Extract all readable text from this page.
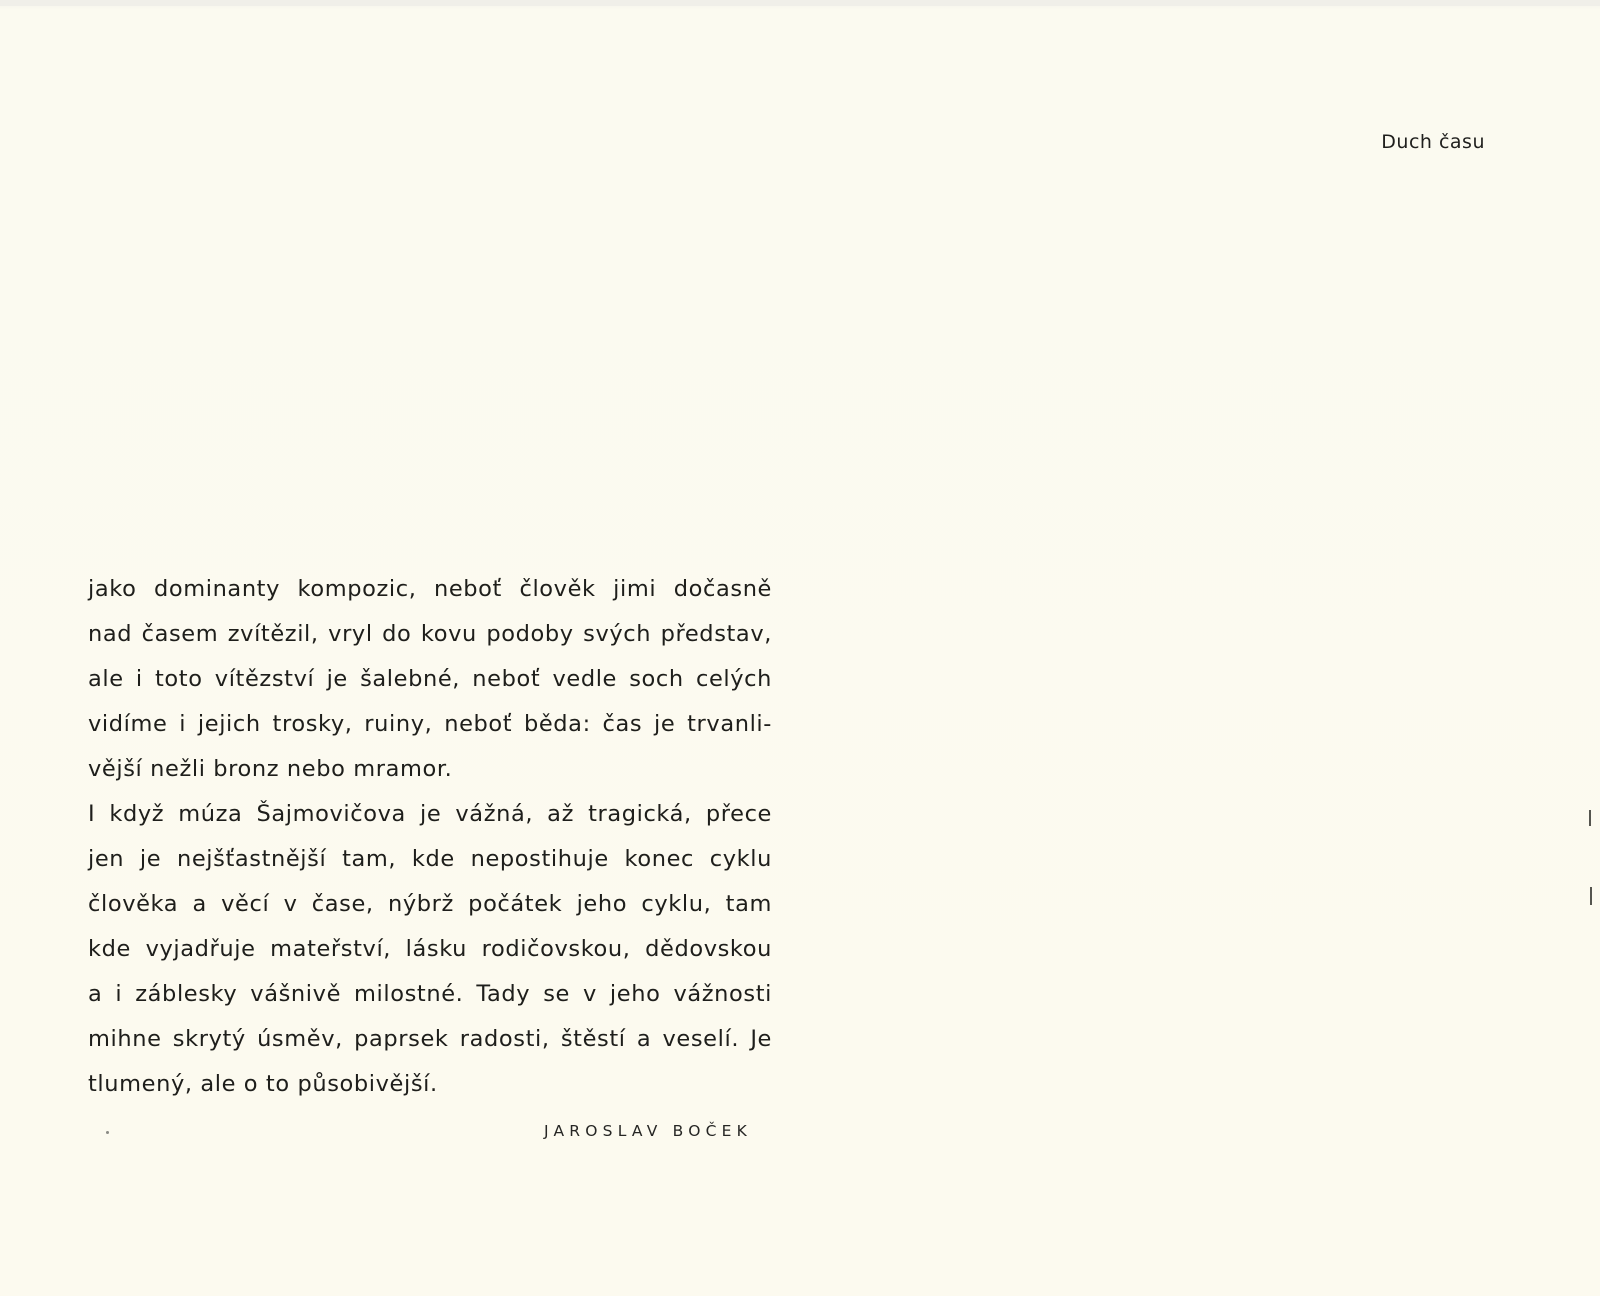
Duch času
jako dominanty kompozic, neboť člověk jimi dočasně
nad časem zvítězil, vryl do kovu podoby svých představ,
ale i toto vítězství je šalebné, neboť vedle soch celých
vidíme i jejich trosky, ruiny, neboť běda: čas je trvanli-
vější nežli bronz nebo mramor.
I když múza Šajmovičova je vážná, až tragická, přece
jen je nejšťastnější tam, kde nepostihuje konec cyklu
člověka a věcí v čase, nýbrž počátek jeho cyklu, tam
kde vyjadřuje mateřství, lásku rodičovskou, dědovskou
a i záblesky vášnivě milostné. Tady se v jeho vážnosti
mihne skrytý úsměv, paprsek radosti, štěstí a veselí. Je
tlumený, ale o to působivější.
JAROSLAV BOČEK
